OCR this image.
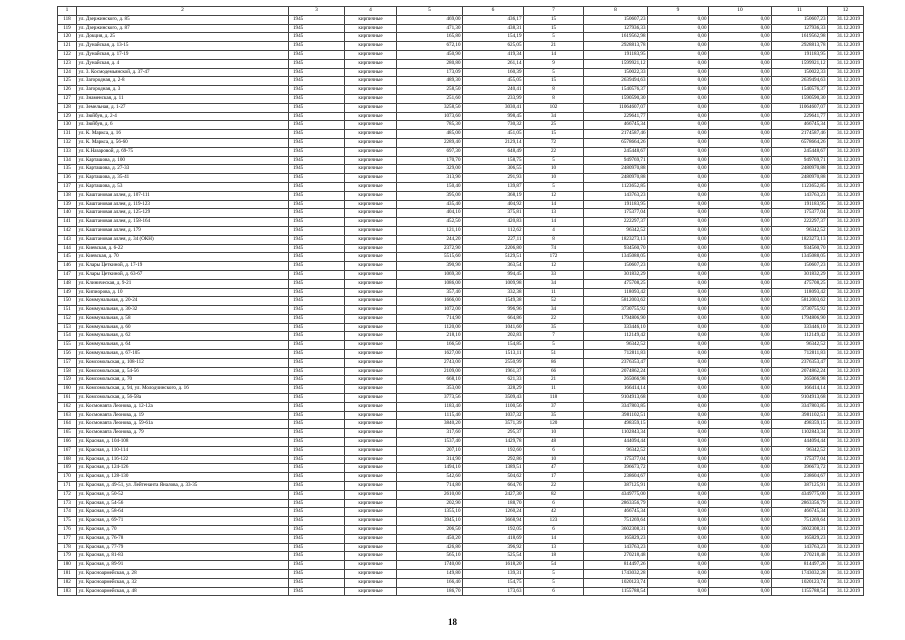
1	2	3	4	5	6	7	8	9	10	11	12
118	ул. Дзержинского, д. 85	1945	кирпичные	469,00	436,17	15	150607,23	0,00	0,00	150607,23	31.12.2019
119	ул. Дзержинского, д. 87	1945	кирпичные	471,30	438,31	15	127936,33	0,00	0,00	127936,33	31.12.2019
120	ул. Докция, д. 25	1945	кирпичные	165,80	154,19	5	1619562,98	0,00	0,00	1619562,98	31.12.2019
121	ул. Дунайская, д. 13-15	1945	кирпичные	672,10	625,05	21	2928813,78	0,00	0,00	2928813,78	31.12.2019
122	ул. Дунайская, д. 17-19	1945	кирпичные	450,90	419,34	14	191183,95	0,00	0,00	191183,95	31.12.2019
123	ул. Дунайская, д. 4	1945	кирпичные	280,80	261,14	9	1599921,12	0,00	0,00	1599921,12	31.12.2019
124	ул. 3. Космодемьянской, д. 37-47	1945	кирпичные	173,09	160,39	5	150022,33	0,00	0,00	150022,33	31.12.2019
125	ул. Загородная, д. 2-8	1945	кирпичные	489,30	455,05	15	2639494,63	0,00	0,00	2639494,63	31.12.2019
126	ул. Загородная, д. 3	1945	кирпичные	258,50	240,41	8	1540576,37	0,00	0,00	1540576,37	31.12.2019
127	ул. Знаменская, д. 11	1945	кирпичные	251,60	233,99	8	1590590,30	0,00	0,00	1590590,30	31.12.2019
128	ул. Земельная, д. 1-27	1945	кирпичные	3258,50	3030,41	102	11064607,07	0,00	0,00	11064607,07	31.12.2019
129	ул. Зюйбув, д. 2-4	1945	кирпичные	1073,60	998,45	34	229641,77	0,00	0,00	229641,77	31.12.2019
130	ул. Зюйбув, д. 6	1945	кирпичные	785,30	730,32	25	466745,34	0,00	0,00	466745,34	31.12.2019
131	ул. К. Маркса, д. 16	1945	кирпичные	485,00	451,05	15	2174587,46	0,00	0,00	2174587,46	31.12.2019
132	ул. К. Маркса, д. 56-60	1945	кирпичные	2289,40	2129,14	72	6578664,26	0,00	0,00	6578664,26	31.12.2019
133	ул. К.Назаровой, д. 69-75	1945	кирпичные	697,30	648,49	22	245448,67	0,00	0,00	245448,67	31.12.2019
134	ул. Карташова, д. 100	1945	кирпичные	170,70	158,75	5	949769,71	0,00	0,00	949769,71	31.12.2019
135	ул. Карташова, д. 27-33	1945	кирпичные	329,00	306,55	10	2480970,88	0,00	0,00	2480970,88	31.12.2019
136	ул. Карташова, д. 35-41	1945	кирпичные	313,90	291,93	10	2480970,88	0,00	0,00	2480970,88	31.12.2019
137	ул. Карташова, д. 53	1945	кирпичные	150,40	139,87	5	1123652,85	0,00	0,00	1123652,85	31.12.2019
138	ул. Каштановая аллея, д. 107-111	1945	кирпичные	395,00	368,19	12	143763,23	0,00	0,00	143763,23	31.12.2019
139	ул. Каштановая аллея, д. 119-123	1945	кирпичные	435,40	404,92	14	191183,95	0,00	0,00	191183,95	31.12.2019
140	ул. Каштановая аллея, д. 125-129	1945	кирпичные	404,10	375,81	13	175377,04	0,00	0,00	175377,04	31.12.2019
141	ул. Каштановая аллея, д. 158-164	1945	кирпичные	452,50	420,83	14	222297,37	0,00	0,00	222297,37	31.12.2019
142	ул. Каштановая аллея, д. 179	1945	кирпичные	121,10	112,62	4	96342,52	0,00	0,00	96342,52	31.12.2019
143	ул. Каштановая аллея, д. 34 (ОКН)	1945	кирпичные	244,20	227,11	8	1823273,13	0,00	0,00	1823273,13	31.12.2019
144	ул. Киевская, д. 6-22	1945	кирпичные	2372,90	2206,80	74	934560,70	0,00	0,00	934560,70	31.12.2019
145	ул. Киевская, д. 70	1945	кирпичные	5515,60	5129,51	172	1345088,05	0,00	0,00	1345088,05	31.12.2019
146	ул. Клары Цеткиной, д. 17-19	1945	кирпичные	390,90	363,54	12	150607,23	0,00	0,00	150607,23	31.12.2019
147	ул. Клары Цеткиной, д. 63-67	1945	кирпичные	1069,30	994,45	33	301832,29	0,00	0,00	301832,29	31.12.2019
148	ул. Клиническая, д. 9-21	1945	кирпичные	1086,00	1009,98	34	475708,25	0,00	0,00	475708,25	31.12.2019
149	ул. Кипиорова, д. 10	1945	кирпичные	357,40	332,38	11	118093,42	0,00	0,00	118093,42	31.12.2019
150	ул. Коммунальная, д. 20-24	1945	кирпичные	1666,00	1549,38	52	5812003,62	0,00	0,00	5812003,62	31.12.2019
151	ул. Коммунальная, д. 30-32	1945	кирпичные	1072,00	996,96	34	3730755,92	0,00	0,00	3730755,92	31.12.2019
152	ул. Коммунальная, д. 58	1945	кирпичные	714,90	664,86	22	1794806,90	0,00	0,00	1794806,90	31.12.2019
153	ул. Коммунальная, д. 60	1945	кирпичные	1120,00	1041,60	35	333446,10	0,00	0,00	333446,10	31.12.2019
154	ул. Коммунальная, д. 62	1945	кирпичные	218,10	202,83	7	112149,42	0,00	0,00	112149,42	31.12.2019
155	ул. Коммунальная, д. 64	1945	кирпичные	166,50	154,85	5	96342,52	0,00	0,00	96342,52	31.12.2019
156	ул. Коммунальная, д. 67-105	1945	кирпичные	1627,00	1513,11	51	712811,83	0,00	0,00	712811,83	31.12.2019
157	ул. Комсомольская, д. 108-112	1945	кирпичные	2743,00	2550,99	86	2376353,47	0,00	0,00	2376353,47	31.12.2019
158	ул. Комсомольская, д. 54-56	1945	кирпичные	2109,00	1961,37	66	2074862,24	0,00	0,00	2074862,24	31.12.2019
159	ул. Комсомольская, д. 70	1945	кирпичные	668,10	621,33	21	265066,98	0,00	0,00	265066,98	31.12.2019
160	ул. Комсомольская, д. 94, ул. Молодчинского, д. 16	1945	кирпичные	353,00	328,29	11	166414,14	0,00	0,00	166414,14	31.12.2019
161	ул. Комсомольская, д. 56-58а	1945	кирпичные	3773,56	3509,43	118	9104913,68	0,00	0,00	9104913,68	31.12.2019
162	ул. Космонавта Леонова, д. 12-12а	1945	кирпичные	1183,40	1100,56	37	3347803,85	0,00	0,00	3347803,85	31.12.2019
163	ул. Космонавта Леонова, д. 19	1945	кирпичные	1115,40	1037,32	35	3981102,51	0,00	0,00	3981102,51	31.12.2019
164	ул. Космонавта Леонова, д. 59-61а	1945	кирпичные	3840,20	3571,39	120	498359,15	0,00	0,00	498359,15	31.12.2019
165	ул. Космонавта Леонова, д. 79	1945	кирпичные	317,60	295,37	10	1102843,34	0,00	0,00	1102843,34	31.12.2019
166	ул. Красная, д. 104-108	1945	кирпичные	1537,40	1429,78	48	444094,44	0,00	0,00	444094,44	31.12.2019
167	ул. Красная, д. 110-114	1945	кирпичные	207,10	192,60	6	96342,52	0,00	0,00	96342,52	31.12.2019
168	ул. Красная, д. 116-122	1945	кирпичные	314,90	292,86	10	175377,04	0,00	0,00	175377,04	31.12.2019
169	ул. Красная, д. 124-126	1945	кирпичные	1494,10	1389,51	47	396673,72	0,00	0,00	396673,72	31.12.2019
170	ул. Красная, д. 128-130	1945	кирпичные	542,60	504,62	17	238604,67	0,00	0,00	238604,67	31.12.2019
171	ул. Красная, д. 49-51, ул. Лейтенанта Яналова, д. 33-35	1945	кирпичные	714,80	664,76	22	387125,91	0,00	0,00	387125,91	31.12.2019
172	ул. Красная, д. 50-52	1945	кирпичные	2610,00	2427,30	82	4349775,00	0,00	0,00	4349775,00	31.12.2019
173	ул. Красная, д. 54-56	1945	кирпичные	202,90	188,70	6	2863356,79	0,00	0,00	2863356,79	31.12.2019
174	ул. Красная, д. 58-64	1945	кирпичные	1355,10	1260,24	42	466745,34	0,00	0,00	466745,34	31.12.2019
175	ул. Красная, д. 69-71	1945	кирпичные	3945,10	3668,94	123	751269,64	0,00	0,00	751269,64	31.12.2019
176	ул. Красная, д. 70	1945	кирпичные	206,50	192,05	6	3602308,31	0,00	0,00	3602308,31	31.12.2019
177	ул. Красная, д. 76-78	1945	кирпичные	450,20	418,69	14	165829,23	0,00	0,00	165829,23	31.12.2019
178	ул. Красная, д. 77-79	1945	кирпичные	426,80	396,92	13	143763,23	0,00	0,00	143763,23	31.12.2019
179	ул. Красная, д. 81-83	1945	кирпичные	565,10	525,54	18	270218,48	0,00	0,00	270218,48	31.12.2019
180	ул. Красная, д. 89-91	1945	кирпичные	1740,00	1618,20	54	814497,26	0,00	0,00	814497,26	31.12.2019
181	ул. Красноармейская, д. 28	1945	кирпичные	149,80	139,31	5	1743032,28	0,00	0,00	1743032,28	31.12.2019
182	ул. Красноармейская, д. 32	1945	кирпичные	166,40	154,75	5	1020123,74	0,00	0,00	1020123,74	31.12.2019
183	ул. Красноармейская, д. 48	1945	кирпичные	186,70	173,63	6	1155788,54	0,00	0,00	1155788,54	31.12.2019
18
